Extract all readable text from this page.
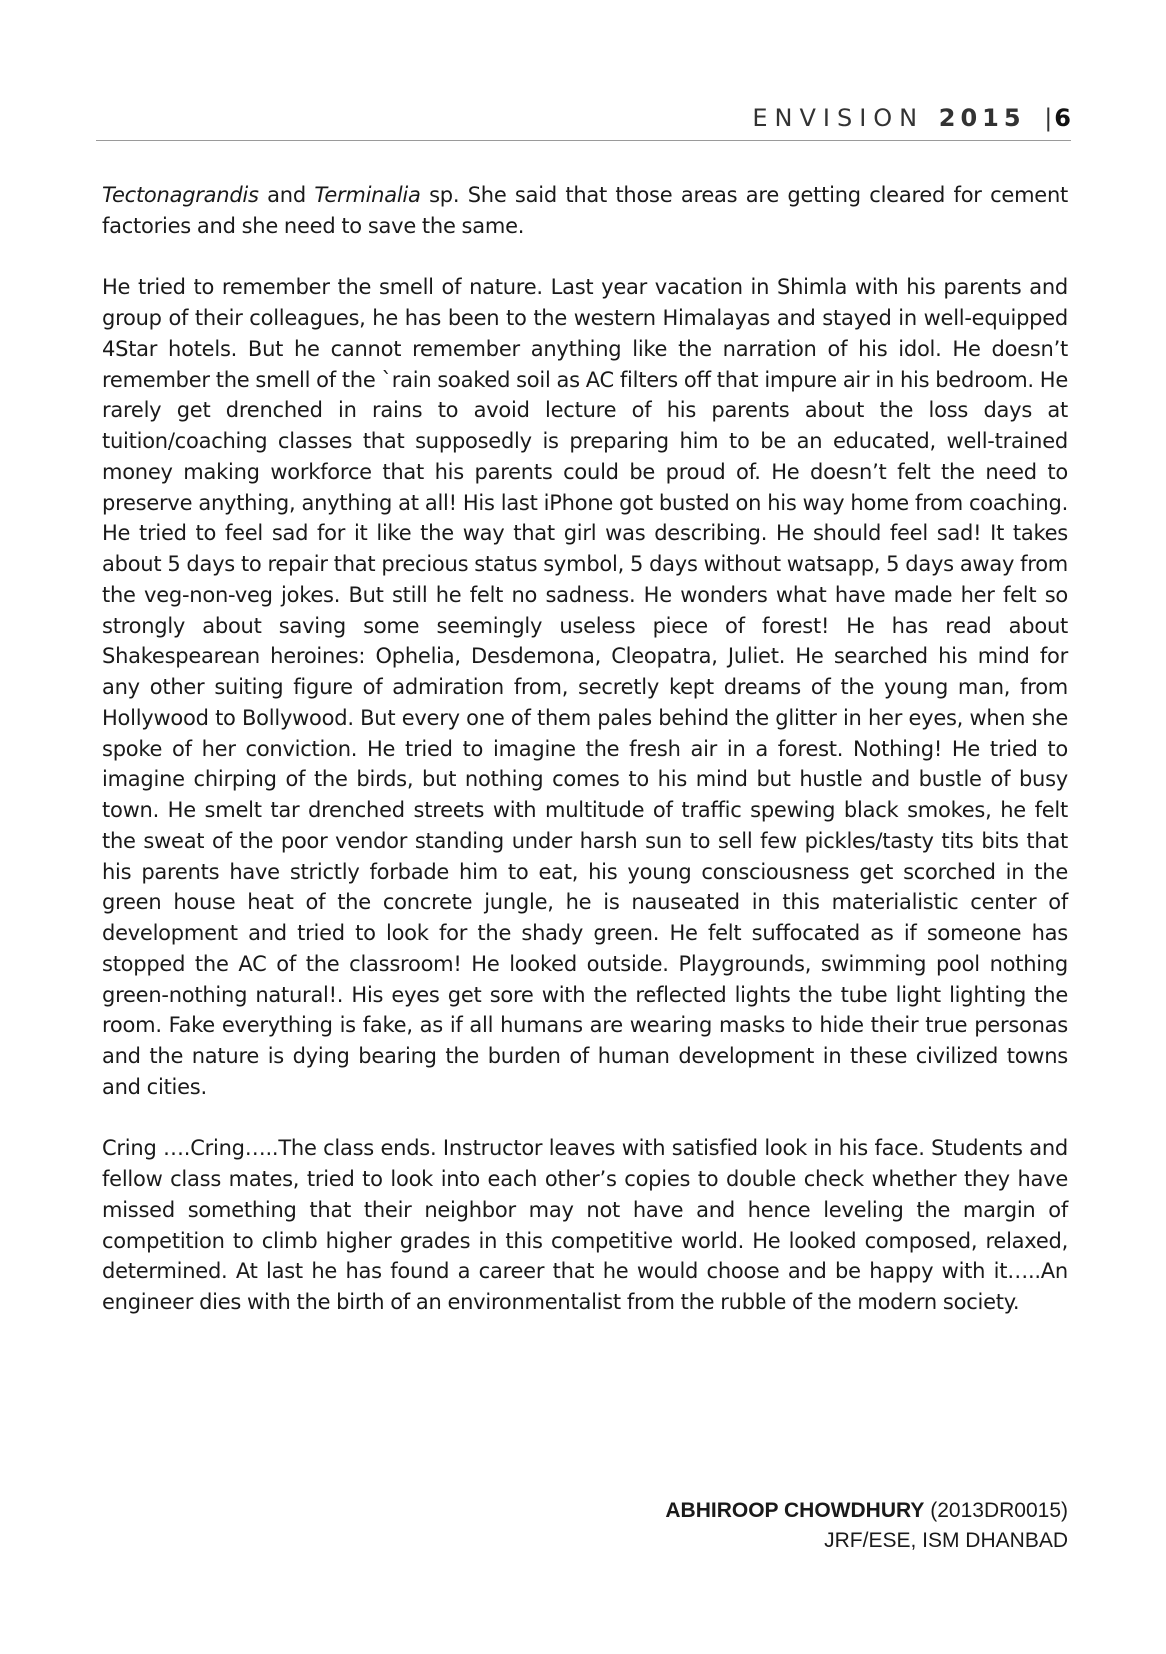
ENVISION 2015 |6

Tectonagrandis and Terminalia sp. She said that those areas are getting cleared for cement factories and she need to save the same.

He tried to remember the smell of nature. Last year vacation in Shimla with his parents and group of their colleagues, he has been to the western Himalayas and stayed in well-equipped 4Star hotels. But he cannot remember anything like the narration of his idol. He doesn’t remember the smell of the `rain soaked soil as AC filters off that impure air in his bedroom. He rarely get drenched in rains to avoid lecture of his parents about the loss days at tuition/coaching classes that supposedly is preparing him to be an educated, well-trained money making workforce that his parents could be proud of. He doesn’t felt the need to preserve anything, anything at all! His last iPhone got busted on his way home from coaching. He tried to feel sad for it like the way that girl was describing. He should feel sad! It takes about 5 days to repair that precious status symbol, 5 days without watsapp, 5 days away from the veg-non-veg jokes. But still he felt no sadness. He wonders what have made her felt so strongly about saving some seemingly useless piece of forest! He has read about Shakespearean heroines: Ophelia, Desdemona, Cleopatra, Juliet. He searched his mind for any other suiting figure of admiration from, secretly kept dreams of the young man, from Hollywood to Bollywood. But every one of them pales behind the glitter in her eyes, when she spoke of her conviction. He tried to imagine the fresh air in a forest. Nothing! He tried to imagine chirping of the birds, but nothing comes to his mind but hustle and bustle of busy town. He smelt tar drenched streets with multitude of traffic spewing black smokes, he felt the sweat of the poor vendor standing under harsh sun to sell few pickles/tasty tits bits that his parents have strictly forbade him to eat, his young consciousness get scorched in the green house heat of the concrete jungle, he is nauseated in this materialistic center of development and tried to look for the shady green. He felt suffocated as if someone has stopped the AC of the classroom! He looked outside. Playgrounds, swimming pool nothing green-nothing natural!. His eyes get sore with the reflected lights the tube light lighting the room. Fake everything is fake, as if all humans are wearing masks to hide their true personas and the nature is dying bearing the burden of human development in these civilized towns and cities.

Cring ….Cring…..The class ends. Instructor leaves with satisfied look in his face. Students and fellow class mates, tried to look into each other’s copies to double check whether they have missed something that their neighbor may not have and hence leveling the margin of competition to climb higher grades in this competitive world. He looked composed, relaxed, determined. At last he has found a career that he would choose and be happy with it…..An engineer dies with the birth of an environmentalist from the rubble of the modern society.

ABHIROOP CHOWDHURY (2013DR0015)
JRF/ESE, ISM DHANBAD
